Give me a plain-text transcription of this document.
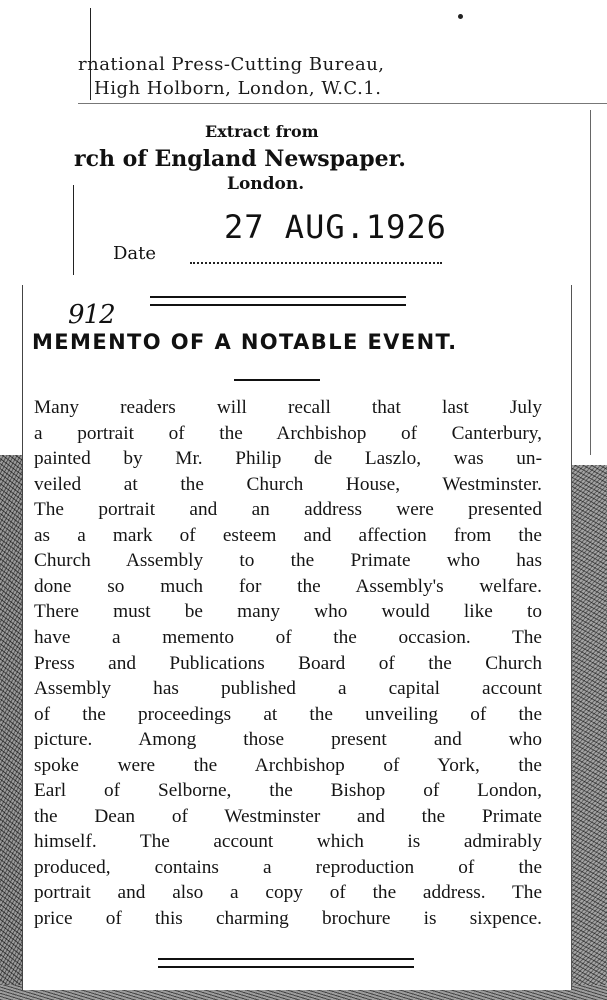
rnational Press-Cutting Bureau,
High Holborn, London, W.C.1.
Extract from
rch of England Newspaper.
London.
27 AUG.1926
Date
912
MEMENTO OF A NOTABLE EVENT.
Many readers will recall that last July
a portrait of the Archbishop of Canterbury,
painted by Mr. Philip de Laszlo, was un-
veiled at the Church House, Westminster.
The portrait and an address were presented
as a mark of esteem and affection from the
Church Assembly to the Primate who has
done so much for the Assembly's welfare.
There must be many who would like to
have a memento of the occasion. The
Press and Publications Board of the Church
Assembly has published a capital account
of the proceedings at the unveiling of the
picture. Among those present and who
spoke were the Archbishop of York, the
Earl of Selborne, the Bishop of London,
the Dean of Westminster and the Primate
himself. The account which is admirably
produced, contains a reproduction of the
portrait and also a copy of the address. The
price of this charming brochure is sixpence.
